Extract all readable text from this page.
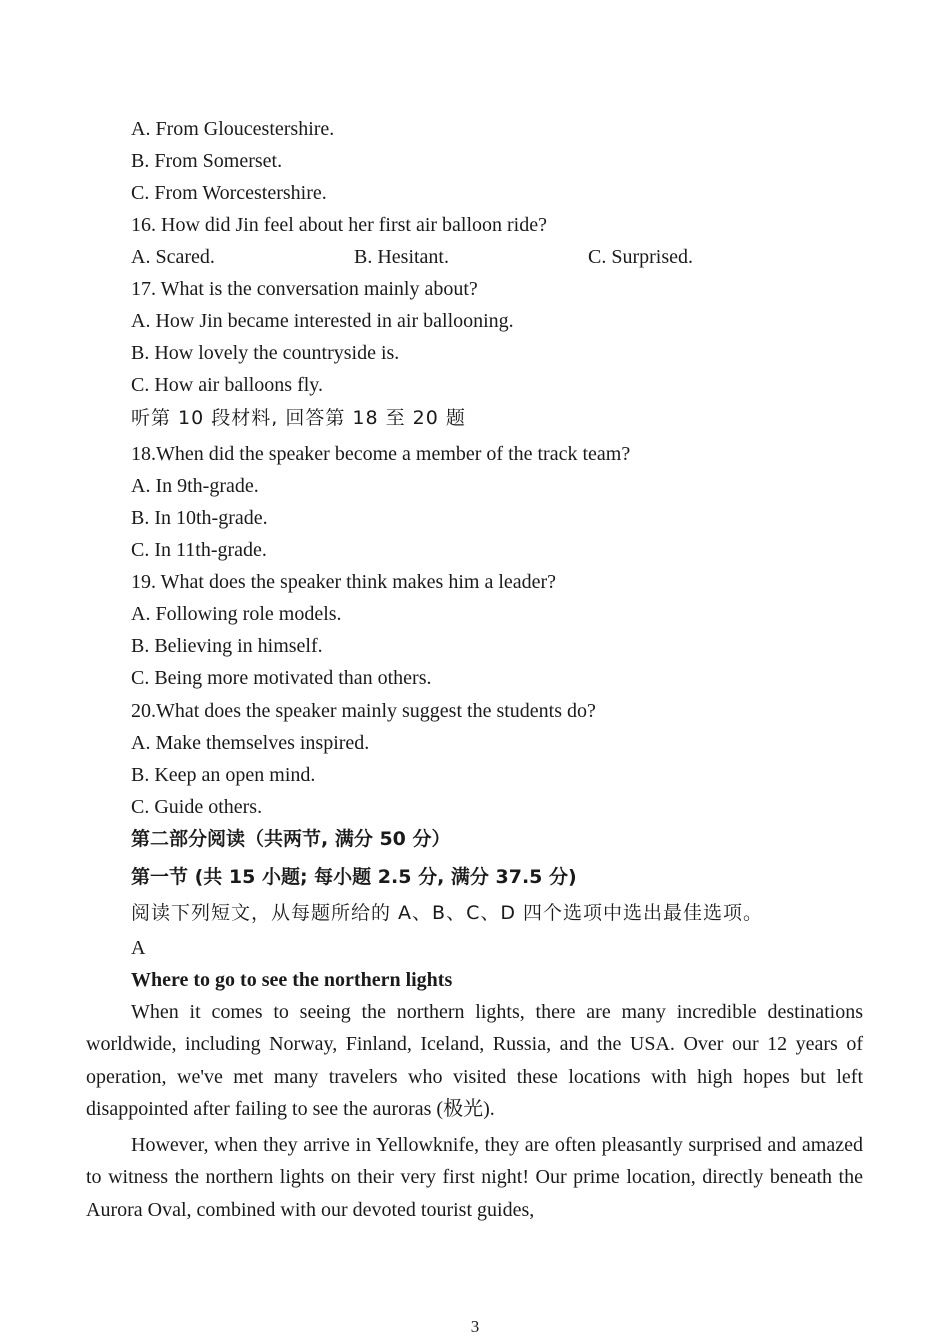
A. From Gloucestershire.
B. From Somerset.
C. From Worcestershire.
16. How did Jin feel about her first air balloon ride?
A. Scared.	B. Hesitant.	C. Surprised.
17. What is the conversation mainly about?
A. How Jin became interested in air ballooning.
B. How lovely the countryside is.
C. How air balloons fly.
听第 10 段材料, 回答第 18 至 20 题
18.When did the speaker become a member of the track team?
A. In 9th-grade.
B. In 10th-grade.
C. In 11th-grade.
19. What does the speaker think makes him a leader?
A. Following role models.
B. Believing in himself.
C. Being more motivated than others.
20.What does the speaker mainly suggest the students do?
A. Make themselves inspired.
B. Keep an open mind.
C. Guide others.
第二部分阅读（共两节, 满分 50 分）
第一节 (共 15 小题; 每小题 2.5 分, 满分 37.5 分)
阅读下列短文，从每题所给的 A、B、C、D 四个选项中选出最佳选项。
A
Where to go to see the northern lights
When it comes to seeing the northern lights, there are many incredible destinations worldwide, including Norway, Finland, Iceland, Russia, and the USA. Over our 12 years of operation, we've met many travelers who visited these locations with high hopes but left disappointed after failing to see the auroras (极光).
However, when they arrive in Yellowknife, they are often pleasantly surprised and amazed to witness the northern lights on their very first night! Our prime location, directly beneath the Aurora Oval, combined with our devoted tourist guides,
3
